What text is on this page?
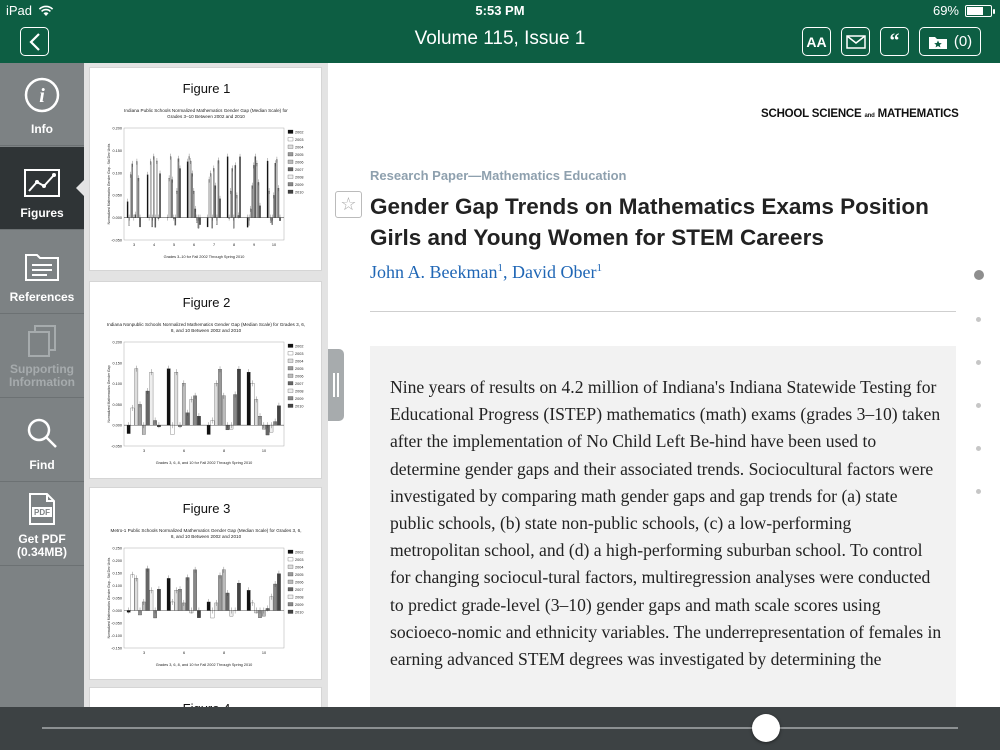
iPad	5:53 PM	69%
Volume 115, Issue 1	AA	“	(0)
i
Info
Figures
References
Supporting Information
Find
PDF
Get PDF (0.34MB)
Figure 1
Indiana Public Schools Normalized Mathematics Gender Gap (Median Scale) for
Grades 3–10 Between 2002 and 2010
0.200
0.150
0.100
0.050
0.000
-0.050
3	4	5	6	7	8	9	10
Grades 3–10 for Fall 2002 Through Spring 2010
Normalized Mathematics Gender Gap - Std Dev Units
2002
2003
2004
2005
2006
2007
2008
2009
2010
Figure 2
Indiana Nonpublic Schools Normalized Mathematics Gender Gap (Median Scale) for Grades 3, 6,
8, and 10 Between 2002 and 2010
0.200
0.150
0.100
0.050
0.000
-0.050
3	6	8	10
Grades 3, 6, 8, and 10 for Fall 2002 Through Spring 2010
Normalized Mathematics Gender Gap
2002
2003
2004
2005
2006
2007
2008
2009
2010
Figure 3
Metro-1 Public Schools Normalized Mathematics Gender Gap (Median Scale) for Grades 3, 6,
8, and 10 Between 2002 and 2010
0.250
0.200
0.150
0.100
0.050
0.000
-0.050
-0.100
-0.150
3	6	8	10
Grades 3, 6, 8, and 10 for Fall 2002 Through Spring 2010
Normalized Mathematics Gender Gap - Std Dev Units
2002
2003
2004
2005
2006
2007
2008
2009
2010
SCHOOL SCIENCE and MATHEMATICS
Research Paper—Mathematics Education
☆ Gender Gap Trends on Mathematics Exams Position Girls and Young Women for STEM Careers
John A. Beekman$^1$, David Ober$^1$

Nine years of results on 4.2 million of Indiana's Indiana Statewide Testing for Educational Progress (ISTEP) mathematics (math) exams (grades 3–10) taken after the implementation of No Child Left Be-hind have been used to determine gender gaps and their associated trends. Sociocultural factors were investigated by comparing math gender gaps and gap trends for (a) state public schools, (b) state non-public schools, (c) a low-performing metropolitan school, and (d) a high-performing suburban school. To control for changing sociocul-tural factors, multiregression analyses were conducted to predict grade-level (3–10) gender gaps and math scale scores using socioeco-nomic and ethnicity variables. The underrepresentation of females in earning advanced STEM degrees was investigated by determining the
